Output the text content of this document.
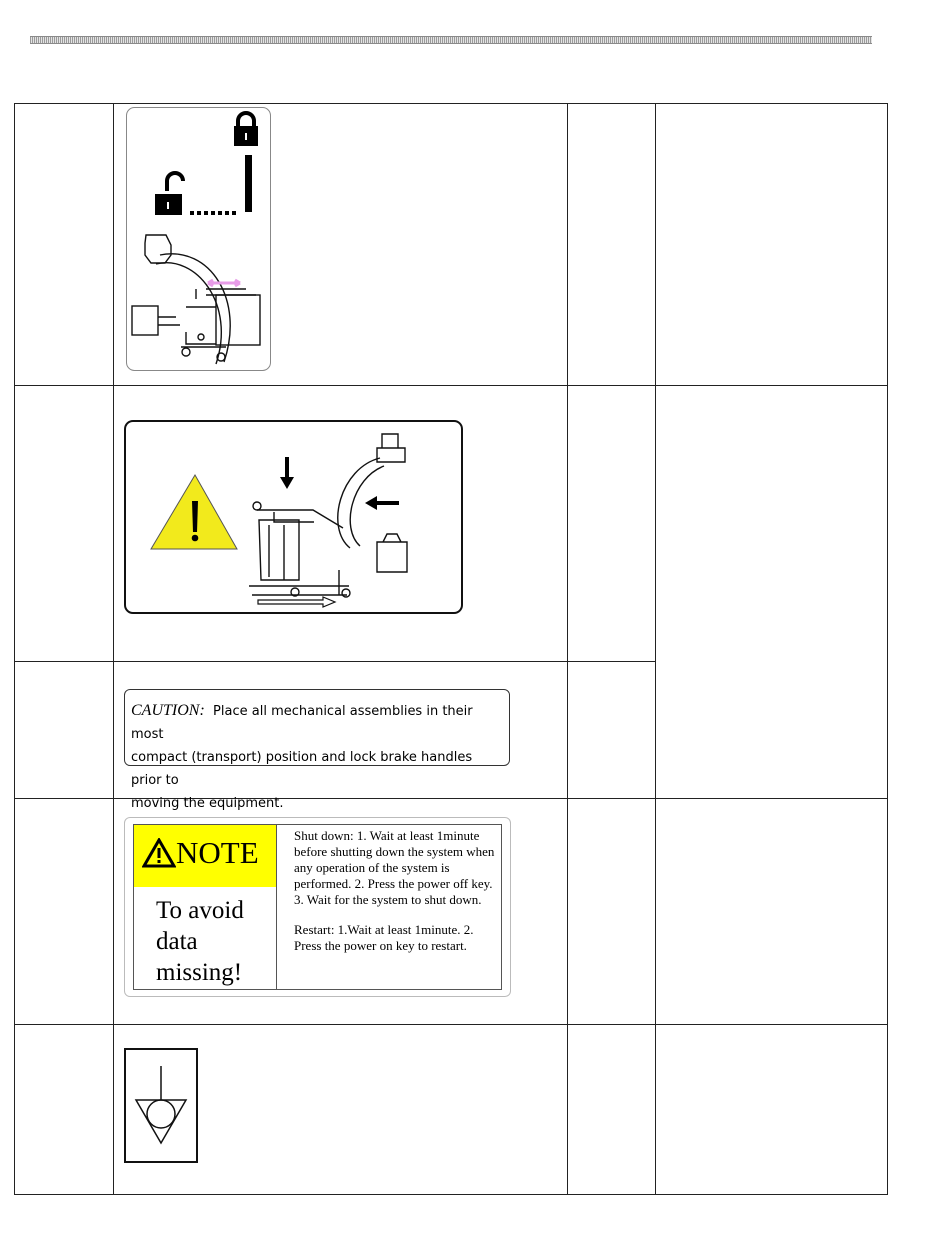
CAUTION: Place all mechanical assemblies in their most
compact (transport) position and lock brake handles prior to
moving the equipment.
NOTE
To avoid
data
missing!

Shut down: 1. Wait at least 1minute before shutting down the system when any operation of the system is performed. 2. Press the power off key. 3. Wait for the system to shut down.

Restart: 1.Wait at least 1minute. 2. Press the power on key to restart.
